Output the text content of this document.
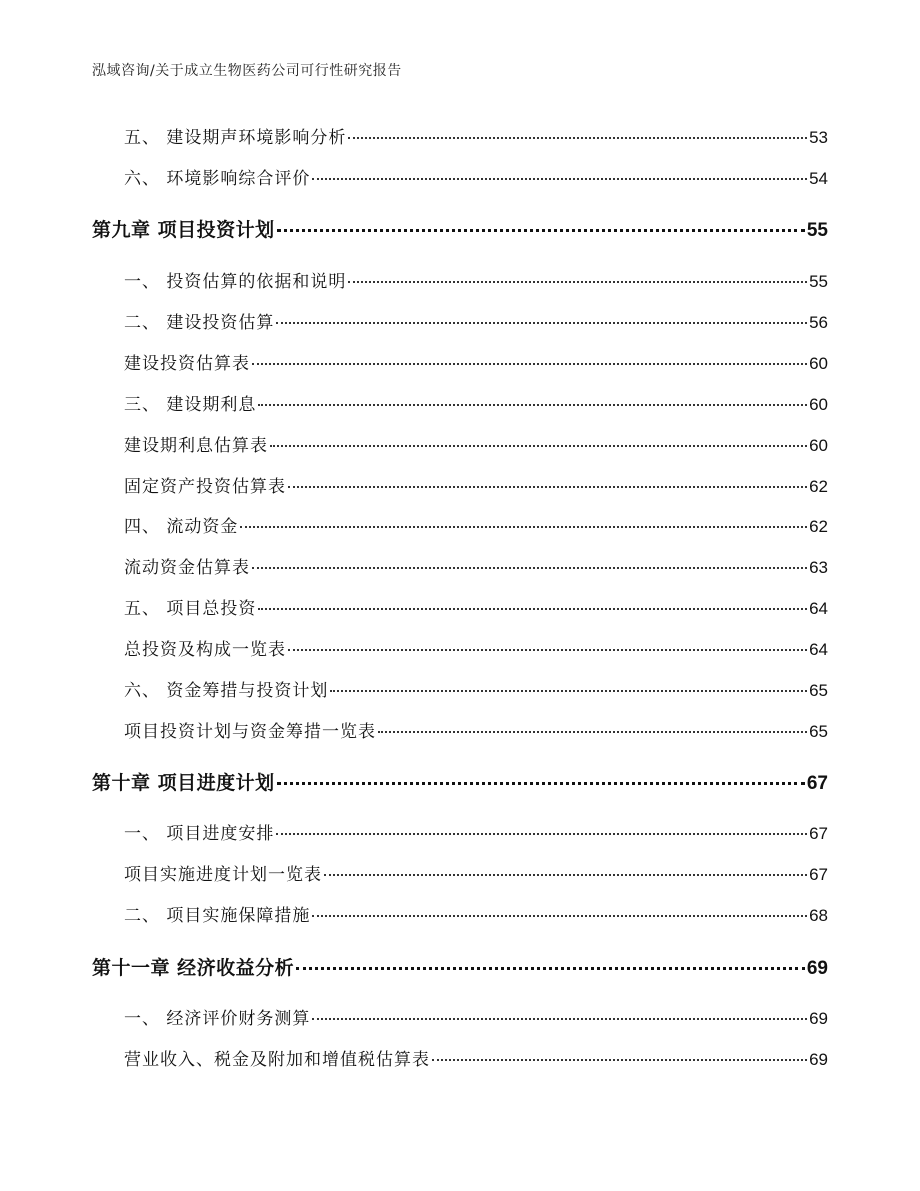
泓域咨询/关于成立生物医药公司可行性研究报告
五、 建设期声环境影响分析	53
六、 环境影响综合评价	54
第九章 项目投资计划	55
一、 投资估算的依据和说明	55
二、 建设投资估算	56
建设投资估算表	60
三、 建设期利息	60
建设期利息估算表	60
固定资产投资估算表	62
四、 流动资金	62
流动资金估算表	63
五、 项目总投资	64
总投资及构成一览表	64
六、 资金筹措与投资计划	65
项目投资计划与资金筹措一览表	65
第十章 项目进度计划	67
一、 项目进度安排	67
项目实施进度计划一览表	67
二、 项目实施保障措施	68
第十一章 经济收益分析	69
一、 经济评价财务测算	69
营业收入、税金及附加和增值税估算表	69
